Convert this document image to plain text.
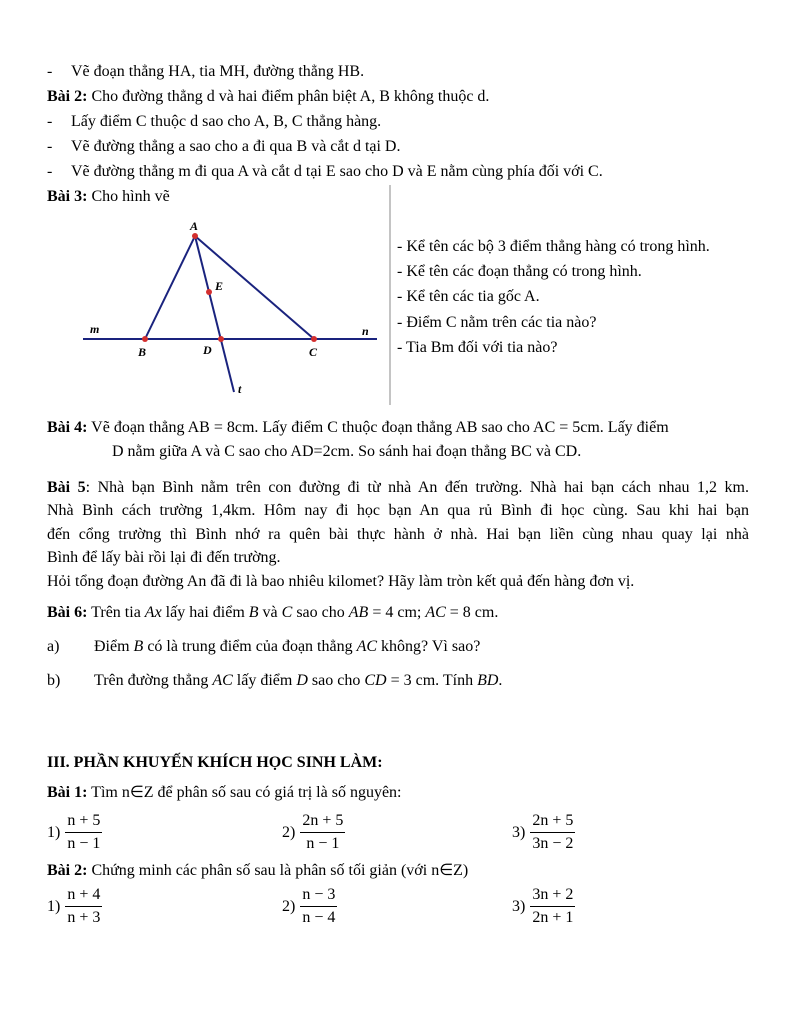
- Vẽ đoạn thẳng HA, tia MH, đường thẳng HB.
Bài 2: Cho đường thẳng d và hai điểm phân biệt A, B không thuộc d.
- Lấy điểm C thuộc d sao cho A, B, C thẳng hàng.
- Vẽ đường thẳng a sao cho a đi qua B và cắt d tại D.
- Vẽ đường thẳng m đi qua A và cắt d tại E sao cho D và E nằm cùng phía đối với C.
Bài 3: Cho hình vẽ
A
E
m	n
B	D	C
t
- Kể tên các bộ 3 điểm thẳng hàng có trong hình.
- Kể tên các đoạn thẳng có trong hình.
- Kể tên các tia gốc A.
- Điểm C nằm trên các tia nào?
- Tia Bm đối với tia nào?
Bài 4: Vẽ đoạn thẳng AB = 8cm. Lấy điểm C thuộc đoạn thẳng AB sao cho AC = 5cm. Lấy điểm
D nằm giữa A và C sao cho AD=2cm. So sánh hai đoạn thẳng BC và CD.
Bài 5: Nhà bạn Bình nằm trên con đường đi từ nhà An đến trường. Nhà hai bạn cách nhau 1,2 km.
Nhà Bình cách trường 1,4km. Hôm nay đi học bạn An qua rủ Bình đi học cùng. Sau khi hai bạn
đến cổng trường thì Bình nhớ ra quên bài thực hành ở nhà. Hai bạn liền cùng nhau quay lại nhà
Bình để lấy bài rồi lại đi đến trường.
Hỏi tổng đoạn đường An đã đi là bao nhiêu kilomet? Hãy làm tròn kết quả đến hàng đơn vị.
Bài 6: Trên tia Ax lấy hai điểm B và C sao cho AB = 4 cm; AC = 8 cm.
a) Điểm B có là trung điểm của đoạn thẳng AC không? Vì sao?
b) Trên đường thẳng AC lấy điểm D sao cho CD = 3 cm. Tính BD.
III. PHẦN KHUYẾN KHÍCH HỌC SINH LÀM:
Bài 1: Tìm n∈Z để phân số sau có giá trị là số nguyên:
$1) \frac{n + 5}{n - 1}$	$2) \frac{2n + 5}{n - 1}$	$3) \frac{2n + 5}{3n - 2}$
Bài 2: Chứng minh các phân số sau là phân số tối giản (với n∈Z)
$1) \frac{n + 4}{n + 3}$	$2) \frac{n - 3}{n - 4}$	$3) \frac{3n + 2}{2n + 1}$
